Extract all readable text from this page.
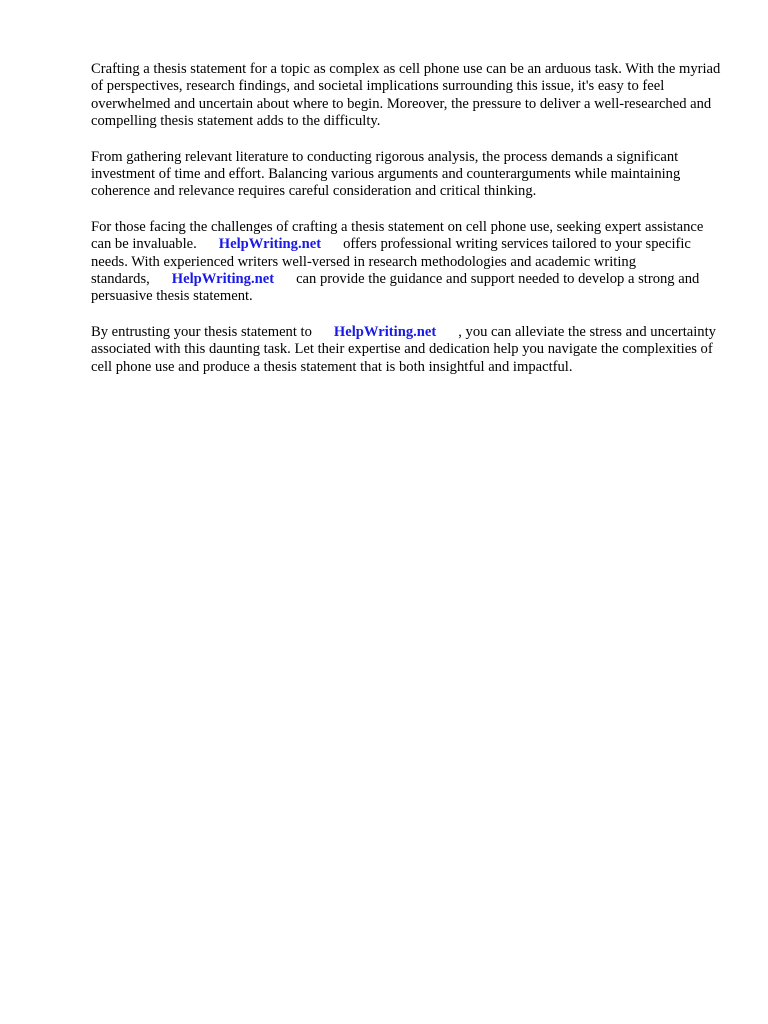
Crafting a thesis statement for a topic as complex as cell phone use can be an arduous task. With the myriad of perspectives, research findings, and societal implications surrounding this issue, it's easy to feel overwhelmed and uncertain about where to begin. Moreover, the pressure to deliver a well-researched and compelling thesis statement adds to the difficulty.

From gathering relevant literature to conducting rigorous analysis, the process demands a significant investment of time and effort. Balancing various arguments and counterarguments while maintaining coherence and relevance requires careful consideration and critical thinking.

For those facing the challenges of crafting a thesis statement on cell phone use, seeking expert assistance can be invaluable. HelpWriting.net offers professional writing services tailored to your specific needs. With experienced writers well-versed in research methodologies and academic writing standards, HelpWriting.net can provide the guidance and support needed to develop a strong and persuasive thesis statement.

By entrusting your thesis statement to HelpWriting.net , you can alleviate the stress and uncertainty associated with this daunting task. Let their expertise and dedication help you navigate the complexities of cell phone use and produce a thesis statement that is both insightful and impactful.
